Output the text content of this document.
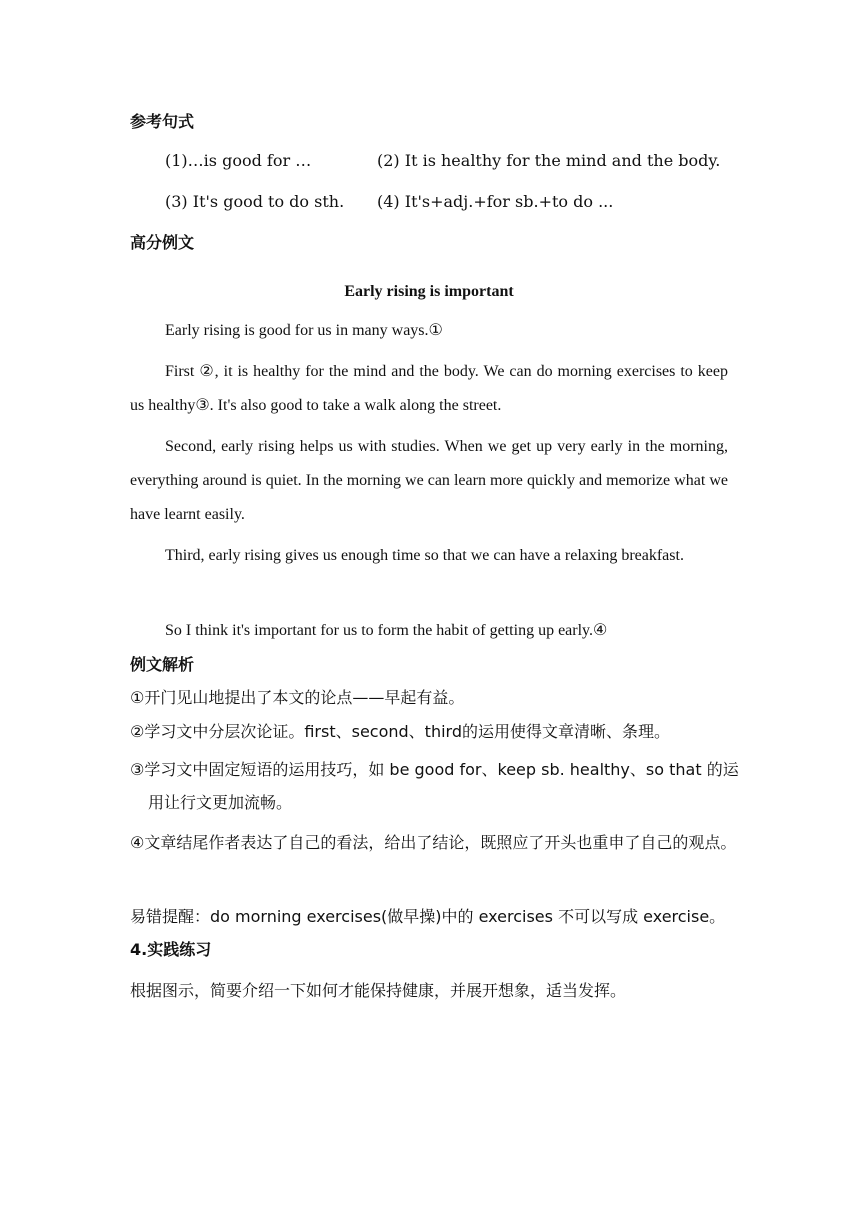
参考句式
(1)…is good for …	(2) It is healthy for the mind and the body.
(3) It's good to do sth. (4) It's+adj.+for sb.+to do ...
高分例文
Early rising is important
Early rising is good for us in many ways.①
First ②, it is healthy for the mind and the body. We can do morning exercises to keep us healthy③. It's also good to take a walk along the street.
Second, early rising helps us with studies. When we get up very early in the morning, everything around is quiet. In the morning we can learn more quickly and memorize what we have learnt easily.
Third, early rising gives us enough time so that we can have a relaxing breakfast.
So I think it's important for us to form the habit of getting up early.④
例文解析
①开门见山地提出了本文的论点——早起有益。
②学习文中分层次论证。first、second、third的运用使得文章清晰、条理。
③学习文中固定短语的运用技巧，如 be good for、keep sb. healthy、so that 的运用让行文更加流畅。
④文章结尾作者表达了自己的看法，给出了结论，既照应了开头也重申了自己的观点。
易错提醒：do morning exercises(做早操)中的 exercises 不可以写成 exercise。
4.实践练习
根据图示，简要介绍一下如何才能保持健康，并展开想象，适当发挥。
